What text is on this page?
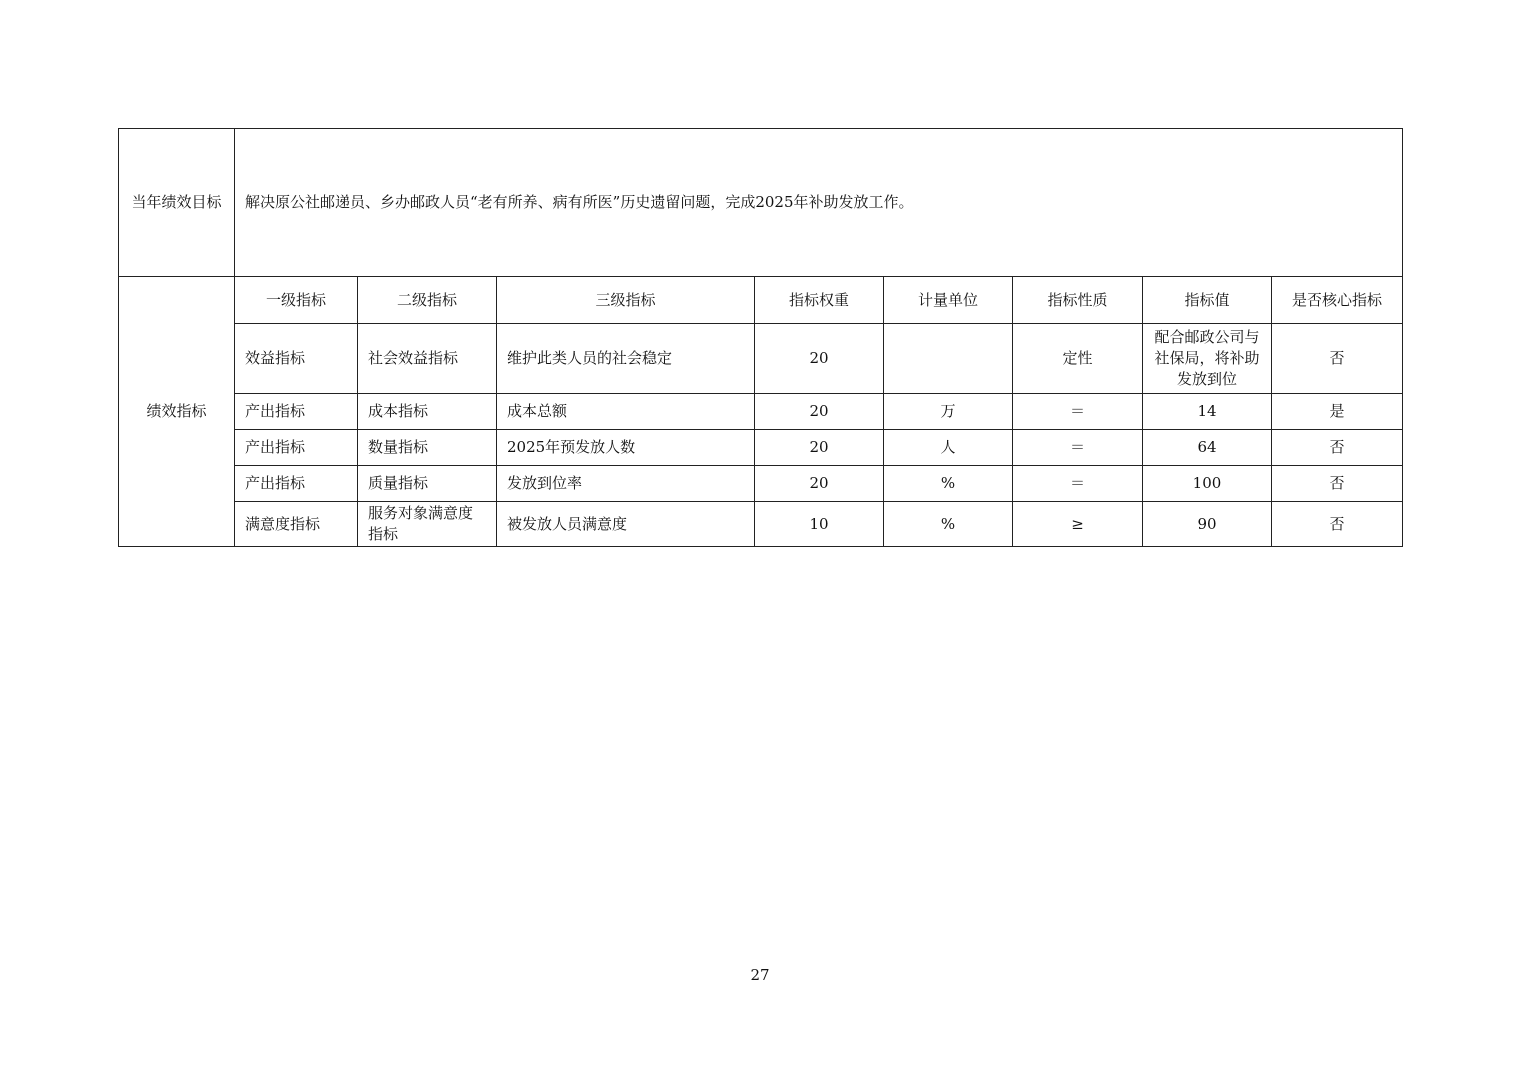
当年绩效目标	解决原公社邮递员、乡办邮政人员“老有所养、病有所医”历史遗留问题，完成2025年补助发放工作。							
绩效指标	一级指标	二级指标	三级指标	指标权重	计量单位	指标性质	指标值	是否核心指标
	效益指标	社会效益指标	维护此类人员的社会稳定	20		定性	配合邮政公司与社保局，将补助发放到位	否
	产出指标	成本指标	成本总额	20	万	＝	14	是
	产出指标	数量指标	2025年预发放人数	20	人	＝	64	否
	产出指标	质量指标	发放到位率	20	%	＝	100	否
	满意度指标	服务对象满意度指标	被发放人员满意度	10	%	≥	90	否
27
